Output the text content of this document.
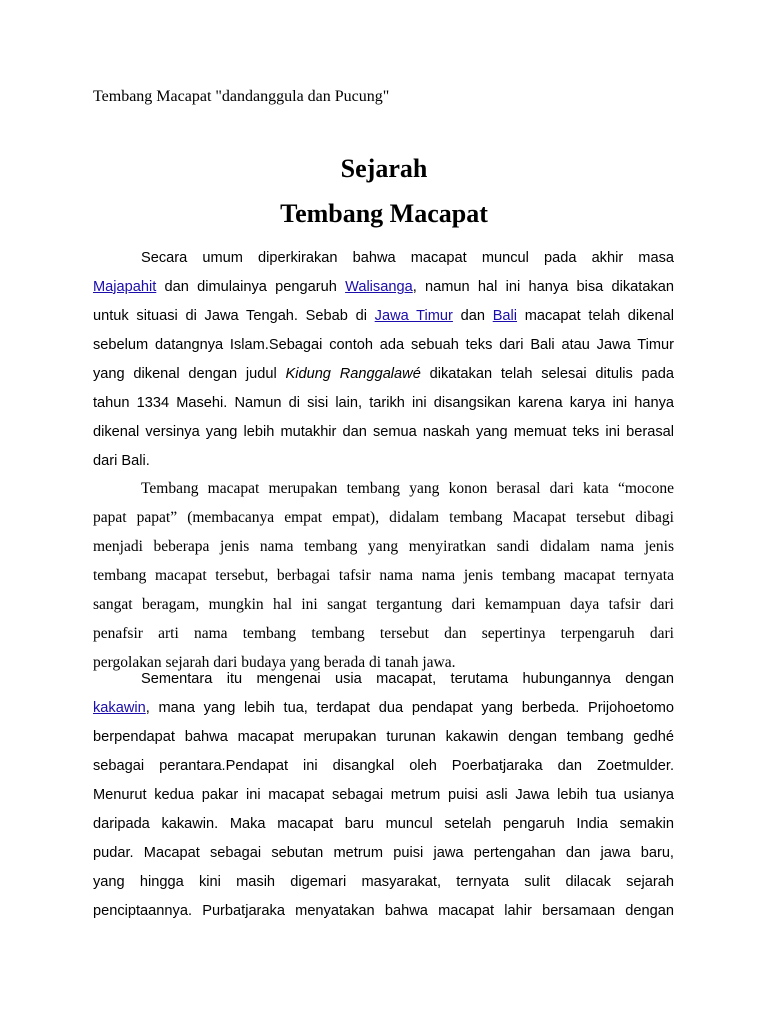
Tembang Macapat "dandanggula dan Pucung"
Sejarah
Tembang Macapat
Secara umum diperkirakan bahwa macapat muncul pada akhir masa
Majapahit dan dimulainya pengaruh Walisanga, namun hal ini hanya bisa dikatakan
untuk situasi di Jawa Tengah. Sebab di Jawa Timur dan Bali macapat telah dikenal
sebelum datangnya Islam.Sebagai contoh ada sebuah teks dari Bali atau Jawa Timur
yang dikenal dengan judul Kidung Ranggalawé dikatakan telah selesai ditulis pada
tahun 1334 Masehi. Namun di sisi lain, tarikh ini disangsikan karena karya ini hanya
dikenal versinya yang lebih mutakhir dan semua naskah yang memuat teks ini berasal
dari Bali.
Tembang macapat merupakan tembang yang konon berasal dari kata “mocone
papat papat” (membacanya empat empat), didalam tembang Macapat tersebut dibagi
menjadi beberapa jenis nama tembang yang menyiratkan sandi didalam nama jenis
tembang macapat tersebut, berbagai tafsir nama nama jenis tembang macapat ternyata
sangat beragam, mungkin hal ini sangat tergantung dari kemampuan daya tafsir dari
penafsir arti nama tembang tembang tersebut dan sepertinya terpengaruh dari
pergolakan sejarah dari budaya yang berada di tanah jawa.
Sementara itu mengenai usia macapat, terutama hubungannya dengan
kakawin, mana yang lebih tua, terdapat dua pendapat yang berbeda. Prijohoetomo
berpendapat bahwa macapat merupakan turunan kakawin dengan tembang gedhé
sebagai perantara.Pendapat ini disangkal oleh Poerbatjaraka dan Zoetmulder.
Menurut kedua pakar ini macapat sebagai metrum puisi asli Jawa lebih tua usianya
daripada kakawin. Maka macapat baru muncul setelah pengaruh India semakin
pudar. Macapat sebagai sebutan metrum puisi jawa pertengahan dan jawa baru,
yang hingga kini masih digemari masyarakat, ternyata sulit dilacak sejarah
penciptaannya. Purbatjaraka menyatakan bahwa macapat lahir bersamaan dengan
